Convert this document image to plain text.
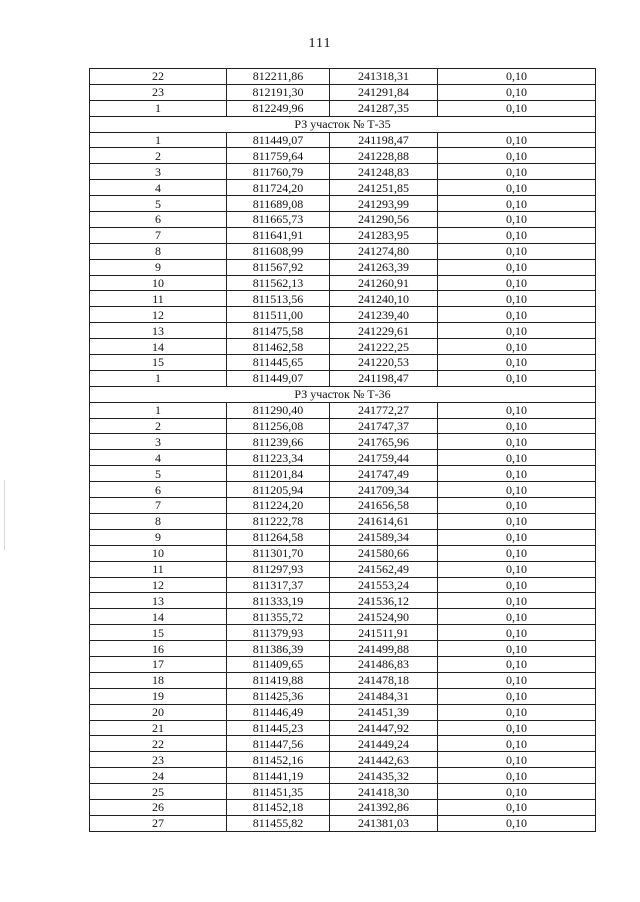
111
22	812211,86	241318,31	0,10
23	812191,30	241291,84	0,10
1	812249,96	241287,35	0,10
РЗ участок № Т-35			
1	811449,07	241198,47	0,10
2	811759,64	241228,88	0,10
3	811760,79	241248,83	0,10
4	811724,20	241251,85	0,10
5	811689,08	241293,99	0,10
6	811665,73	241290,56	0,10
7	811641,91	241283,95	0,10
8	811608,99	241274,80	0,10
9	811567,92	241263,39	0,10
10	811562,13	241260,91	0,10
11	811513,56	241240,10	0,10
12	811511,00	241239,40	0,10
13	811475,58	241229,61	0,10
14	811462,58	241222,25	0,10
15	811445,65	241220,53	0,10
1	811449,07	241198,47	0,10
РЗ участок № Т-36			
1	811290,40	241772,27	0,10
2	811256,08	241747,37	0,10
3	811239,66	241765,96	0,10
4	811223,34	241759,44	0,10
5	811201,84	241747,49	0,10
6	811205,94	241709,34	0,10
7	811224,20	241656,58	0,10
8	811222,78	241614,61	0,10
9	811264,58	241589,34	0,10
10	811301,70	241580,66	0,10
11	811297,93	241562,49	0,10
12	811317,37	241553,24	0,10
13	811333,19	241536,12	0,10
14	811355,72	241524,90	0,10
15	811379,93	241511,91	0,10
16	811386,39	241499,88	0,10
17	811409,65	241486,83	0,10
18	811419,88	241478,18	0,10
19	811425,36	241484,31	0,10
20	811446,49	241451,39	0,10
21	811445,23	241447,92	0,10
22	811447,56	241449,24	0,10
23	811452,16	241442,63	0,10
24	811441,19	241435,32	0,10
25	811451,35	241418,30	0,10
26	811452,18	241392,86	0,10
27	811455,82	241381,03	0,10
